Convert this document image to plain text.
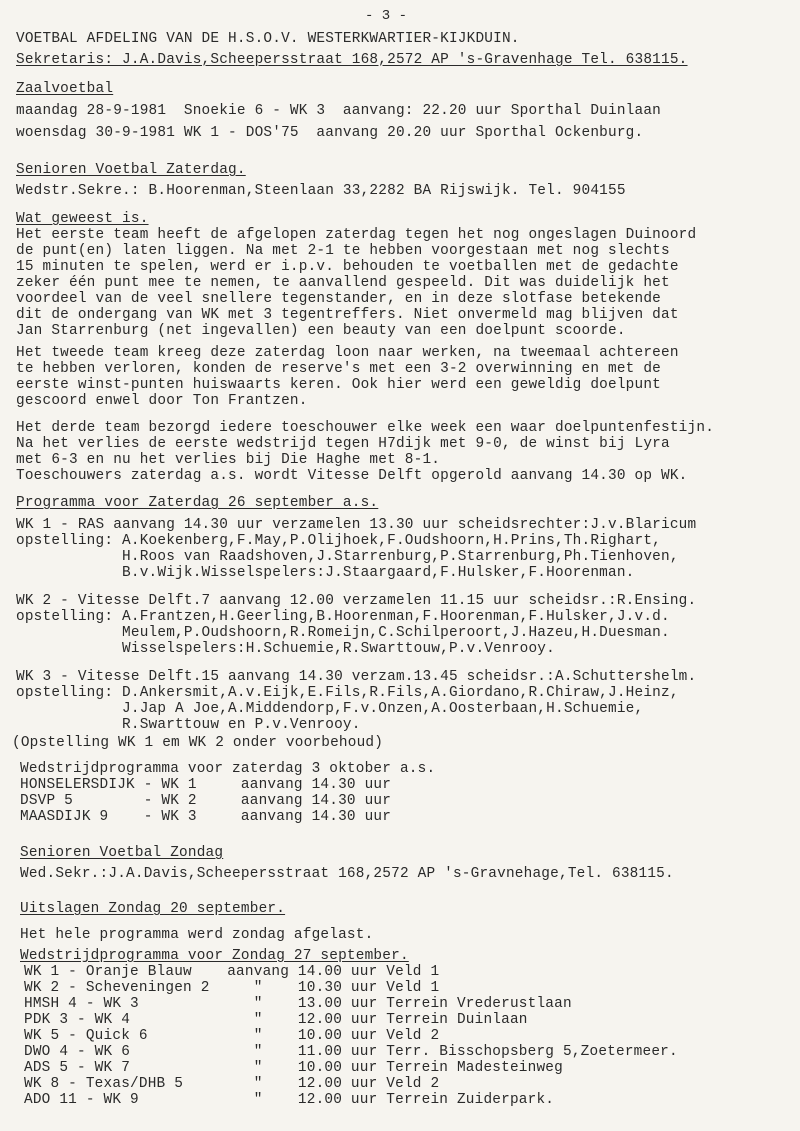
- 3 -
VOETBAL AFDELING VAN DE H.S.O.V. WESTERKWARTIER-KIJKDUIN.
Sekretaris: J.A.Davis,Scheepersstraat 168,2572 AP 's-Gravenhage Tel. 638115.
Zaalvoetbal
maandag 28-9-1981  Snoekie 6 - WK 3  aanvang: 22.20 uur Sporthal Duinlaan
woensdag 30-9-1981 WK 1 - DOS'75  aanvang 20.20 uur Sporthal Ockenburg.
Senioren Voetbal Zaterdag.
Wedstr.Sekre.: B.Hoorenman,Steenlaan 33,2282 BA Rijswijk. Tel. 904155
Wat geweest is.
Het eerste team heeft de afgelopen zaterdag tegen het nog ongeslagen Duinoord
de punt(en) laten liggen. Na met 2-1 te hebben voorgestaan met nog slechts
15 minuten te spelen, werd er i.p.v. behouden te voetballen met de gedachte
zeker één punt mee te nemen, te aanvallend gespeeld. Dit was duidelijk het
voordeel van de veel snellere tegenstander, en in deze slotfase betekende
dit de ondergang van WK met 3 tegentreffers. Niet onvermeld mag blijven dat
Jan Starrenburg (net ingevallen) een beauty van een doelpunt scoorde.
Het tweede team kreeg deze zaterdag loon naar werken, na tweemaal achtereen
te hebben verloren, konden de reserve's met een 3-2 overwinning en met de
eerste winst-punten huiswaarts keren. Ook hier werd een geweldig doelpunt
gescoord enwel door Ton Frantzen.
Het derde team bezorgd iedere toeschouwer elke week een waar doelpuntenfestijn.
Na het verlies de eerste wedstrijd tegen H7dijk met 9-0, de winst bij Lyra
met 6-3 en nu het verlies bij Die Haghe met 8-1.
Toeschouwers zaterdag a.s. wordt Vitesse Delft opgerold aanvang 14.30 op WK.
Programma voor Zaterdag 26 september a.s.
WK 1 - RAS aanvang 14.30 uur verzamelen 13.30 uur scheidsrechter:J.v.Blaricum
opstelling: A.Koekenberg,F.May,P.Olijhoek,F.Oudshoorn,H.Prins,Th.Righart,
H.Roos van Raadshoven,J.Starrenburg,P.Starrenburg,Ph.Tienhoven,
B.v.Wijk.Wisselspelers:J.Staargaard,F.Hulsker,F.Hoorenman.
WK 2 - Vitesse Delft.7 aanvang 12.00 verzamelen 11.15 uur scheidsr.:R.Ensing.
opstelling: A.Frantzen,H.Geerling,B.Hoorenman,F.Hoorenman,F.Hulsker,J.v.d.
Meulem,P.Oudshoorn,R.Romeijn,C.Schilperoort,J.Hazeu,H.Duesman.
Wisselspelers:H.Schuemie,R.Swarttouw,P.v.Venrooy.
WK 3 - Vitesse Delft.15 aanvang 14.30 verzam.13.45 scheidsr.:A.Schuttershelm.
opstelling: D.Ankersmit,A.v.Eijk,E.Fils,R.Fils,A.Giordano,R.Chiraw,J.Heinz,
J.Jap A Joe,A.Middendorp,F.v.Onzen,A.Oosterbaan,H.Schuemie,
R.Swarttouw en P.v.Venrooy.
(Opstelling WK 1 em WK 2 onder voorbehoud)
Wedstrijdprogramma voor zaterdag 3 oktober a.s.
HONSELERSDIJK - WK 1     aanvang 14.30 uur
DSVP 5        - WK 2     aanvang 14.30 uur
MAASDIJK 9    - WK 3     aanvang 14.30 uur
Senioren Voetbal Zondag
Wed.Sekr.:J.A.Davis,Scheepersstraat 168,2572 AP 's-Gravnehage,Tel. 638115.
Uitslagen Zondag 20 september.
Het hele programma werd zondag afgelast.
Wedstrijdprogramma voor Zondag 27 september.
WK 1 - Oranje Blauw    aanvang 14.00 uur Veld 1
WK 2 - Scheveningen 2     "    10.30 uur Veld 1
HMSH 4 - WK 3             "    13.00 uur Terrein Vrederustlaan
PDK 3 - WK 4              "    12.00 uur Terrein Duinlaan
WK 5 - Quick 6            "    10.00 uur Veld 2
DWO 4 - WK 6              "    11.00 uur Terr. Bisschopsberg 5,Zoetermeer.
ADS 5 - WK 7              "    10.00 uur Terrein Madesteinweg
WK 8 - Texas/DHB 5        "    12.00 uur Veld 2
ADO 11 - WK 9             "    12.00 uur Terrein Zuiderpark.
